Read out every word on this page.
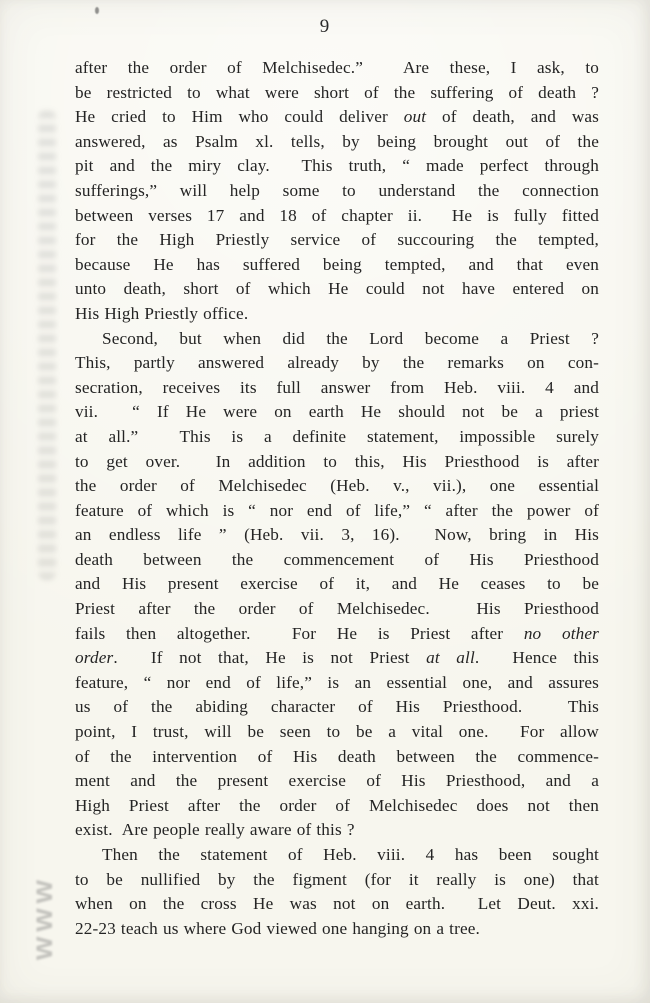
www
9
after the order of Melchisedec.”  Are these, I ask, to
be restricted to what were short of the suffering of death ?
He cried to Him who could deliver out of death, and was
answered, as Psalm xl. tells, by being brought out of the
pit and the miry clay.  This truth, “ made perfect through
sufferings,” will help some to understand the connection
between verses 17 and 18 of chapter ii.  He is fully fitted
for the High Priestly service of succouring the tempted,
because He has suffered being tempted, and that even
unto death, short of which He could not have entered on
His High Priestly office.
Second, but when did the Lord become a Priest ?
This, partly answered already by the remarks on con-
secration, receives its full answer from Heb. viii. 4 and
vii.  “ If He were on earth He should not be a priest
at all.”  This is a definite statement, impossible surely
to get over.  In addition to this, His Priesthood is after
the order of Melchisedec (Heb. v., vii.), one essential
feature of which is “ nor end of life,” “ after the power of
an endless life ” (Heb. vii. 3, 16).  Now, bring in His
death between the commencement of His Priesthood
and His present exercise of it, and He ceases to be
Priest after the order of Melchisedec.  His Priesthood
fails then altogether.  For He is Priest after no other
order.  If not that, He is not Priest at all.  Hence this
feature, “ nor end of life,” is an essential one, and assures
us of the abiding character of His Priesthood.  This
point, I trust, will be seen to be a vital one.  For allow
of the intervention of His death between the commence-
ment and the present exercise of His Priesthood, and a
High Priest after the order of Melchisedec does not then
exist.  Are people really aware of this ?
Then the statement of Heb. viii. 4 has been sought
to be nullified by the figment (for it really is one) that
when on the cross He was not on earth.  Let Deut. xxi.
22-23 teach us where God viewed one hanging on a tree.
